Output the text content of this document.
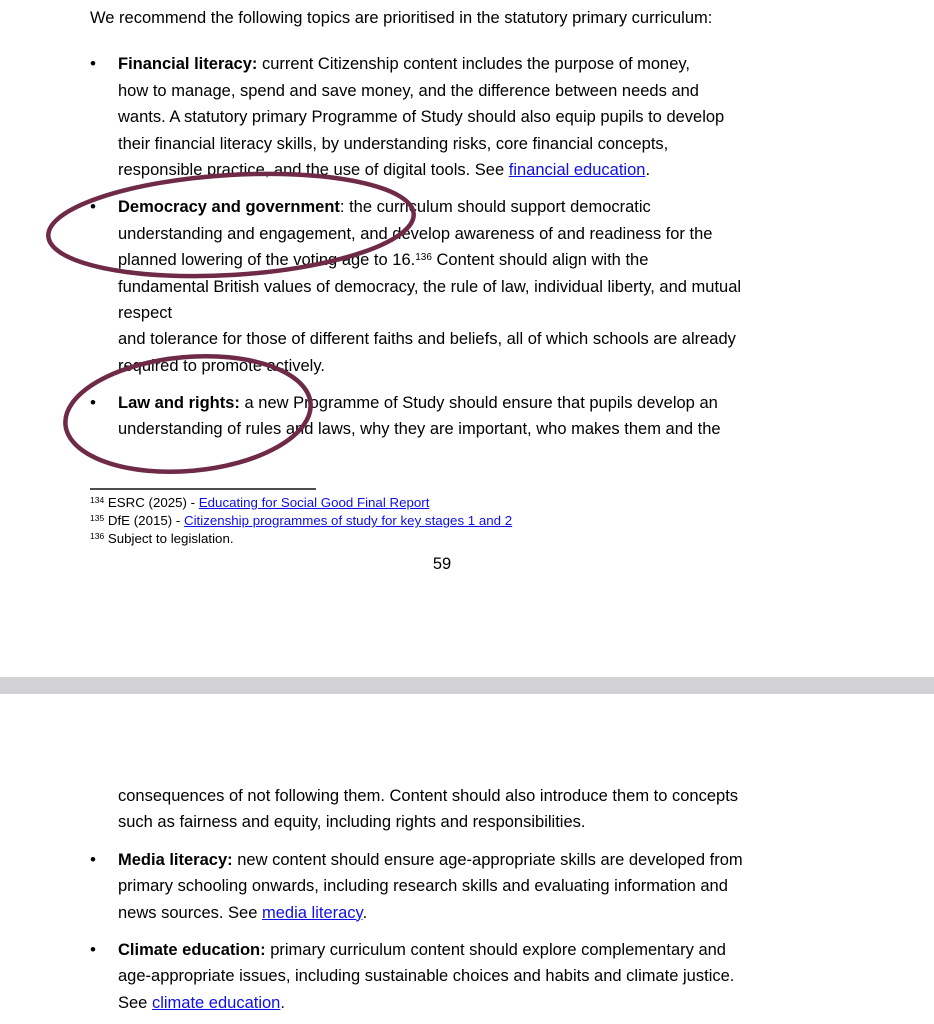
We recommend the following topics are prioritised in the statutory primary curriculum:
•
Financial literacy: current Citizenship content includes the purpose of money,
how to manage, spend and save money, and the difference between needs and
wants. A statutory primary Programme of Study should also equip pupils to develop
their financial literacy skills, by understanding risks, core financial concepts,
responsible practice, and the use of digital tools. See financial education.
•
Democracy and government: the curriculum should support democratic
understanding and engagement, and develop awareness of and readiness for the
planned lowering of the voting age to 16.$^{136}$ Content should align with the
fundamental British values of democracy, the rule of law, individual liberty, and mutual
respect
and tolerance for those of different faiths and beliefs, all of which schools are already
required to promote actively.
•
Law and rights: a new Programme of Study should ensure that pupils develop an
understanding of rules and laws, why they are important, who makes them and the
$^{134}$ ESRC (2025) - Educating for Social Good Final Report
$^{135}$ DfE (2015) - Citizenship programmes of study for key stages 1 and 2
$^{136}$ Subject to legislation.
59
consequences of not following them. Content should also introduce them to concepts
such as fairness and equity, including rights and responsibilities.
•
Media literacy: new content should ensure age-appropriate skills are developed from
primary schooling onwards, including research skills and evaluating information and
news sources. See media literacy.
•
Climate education: primary curriculum content should explore complementary and
age-appropriate issues, including sustainable choices and habits and climate justice.
See climate education.
